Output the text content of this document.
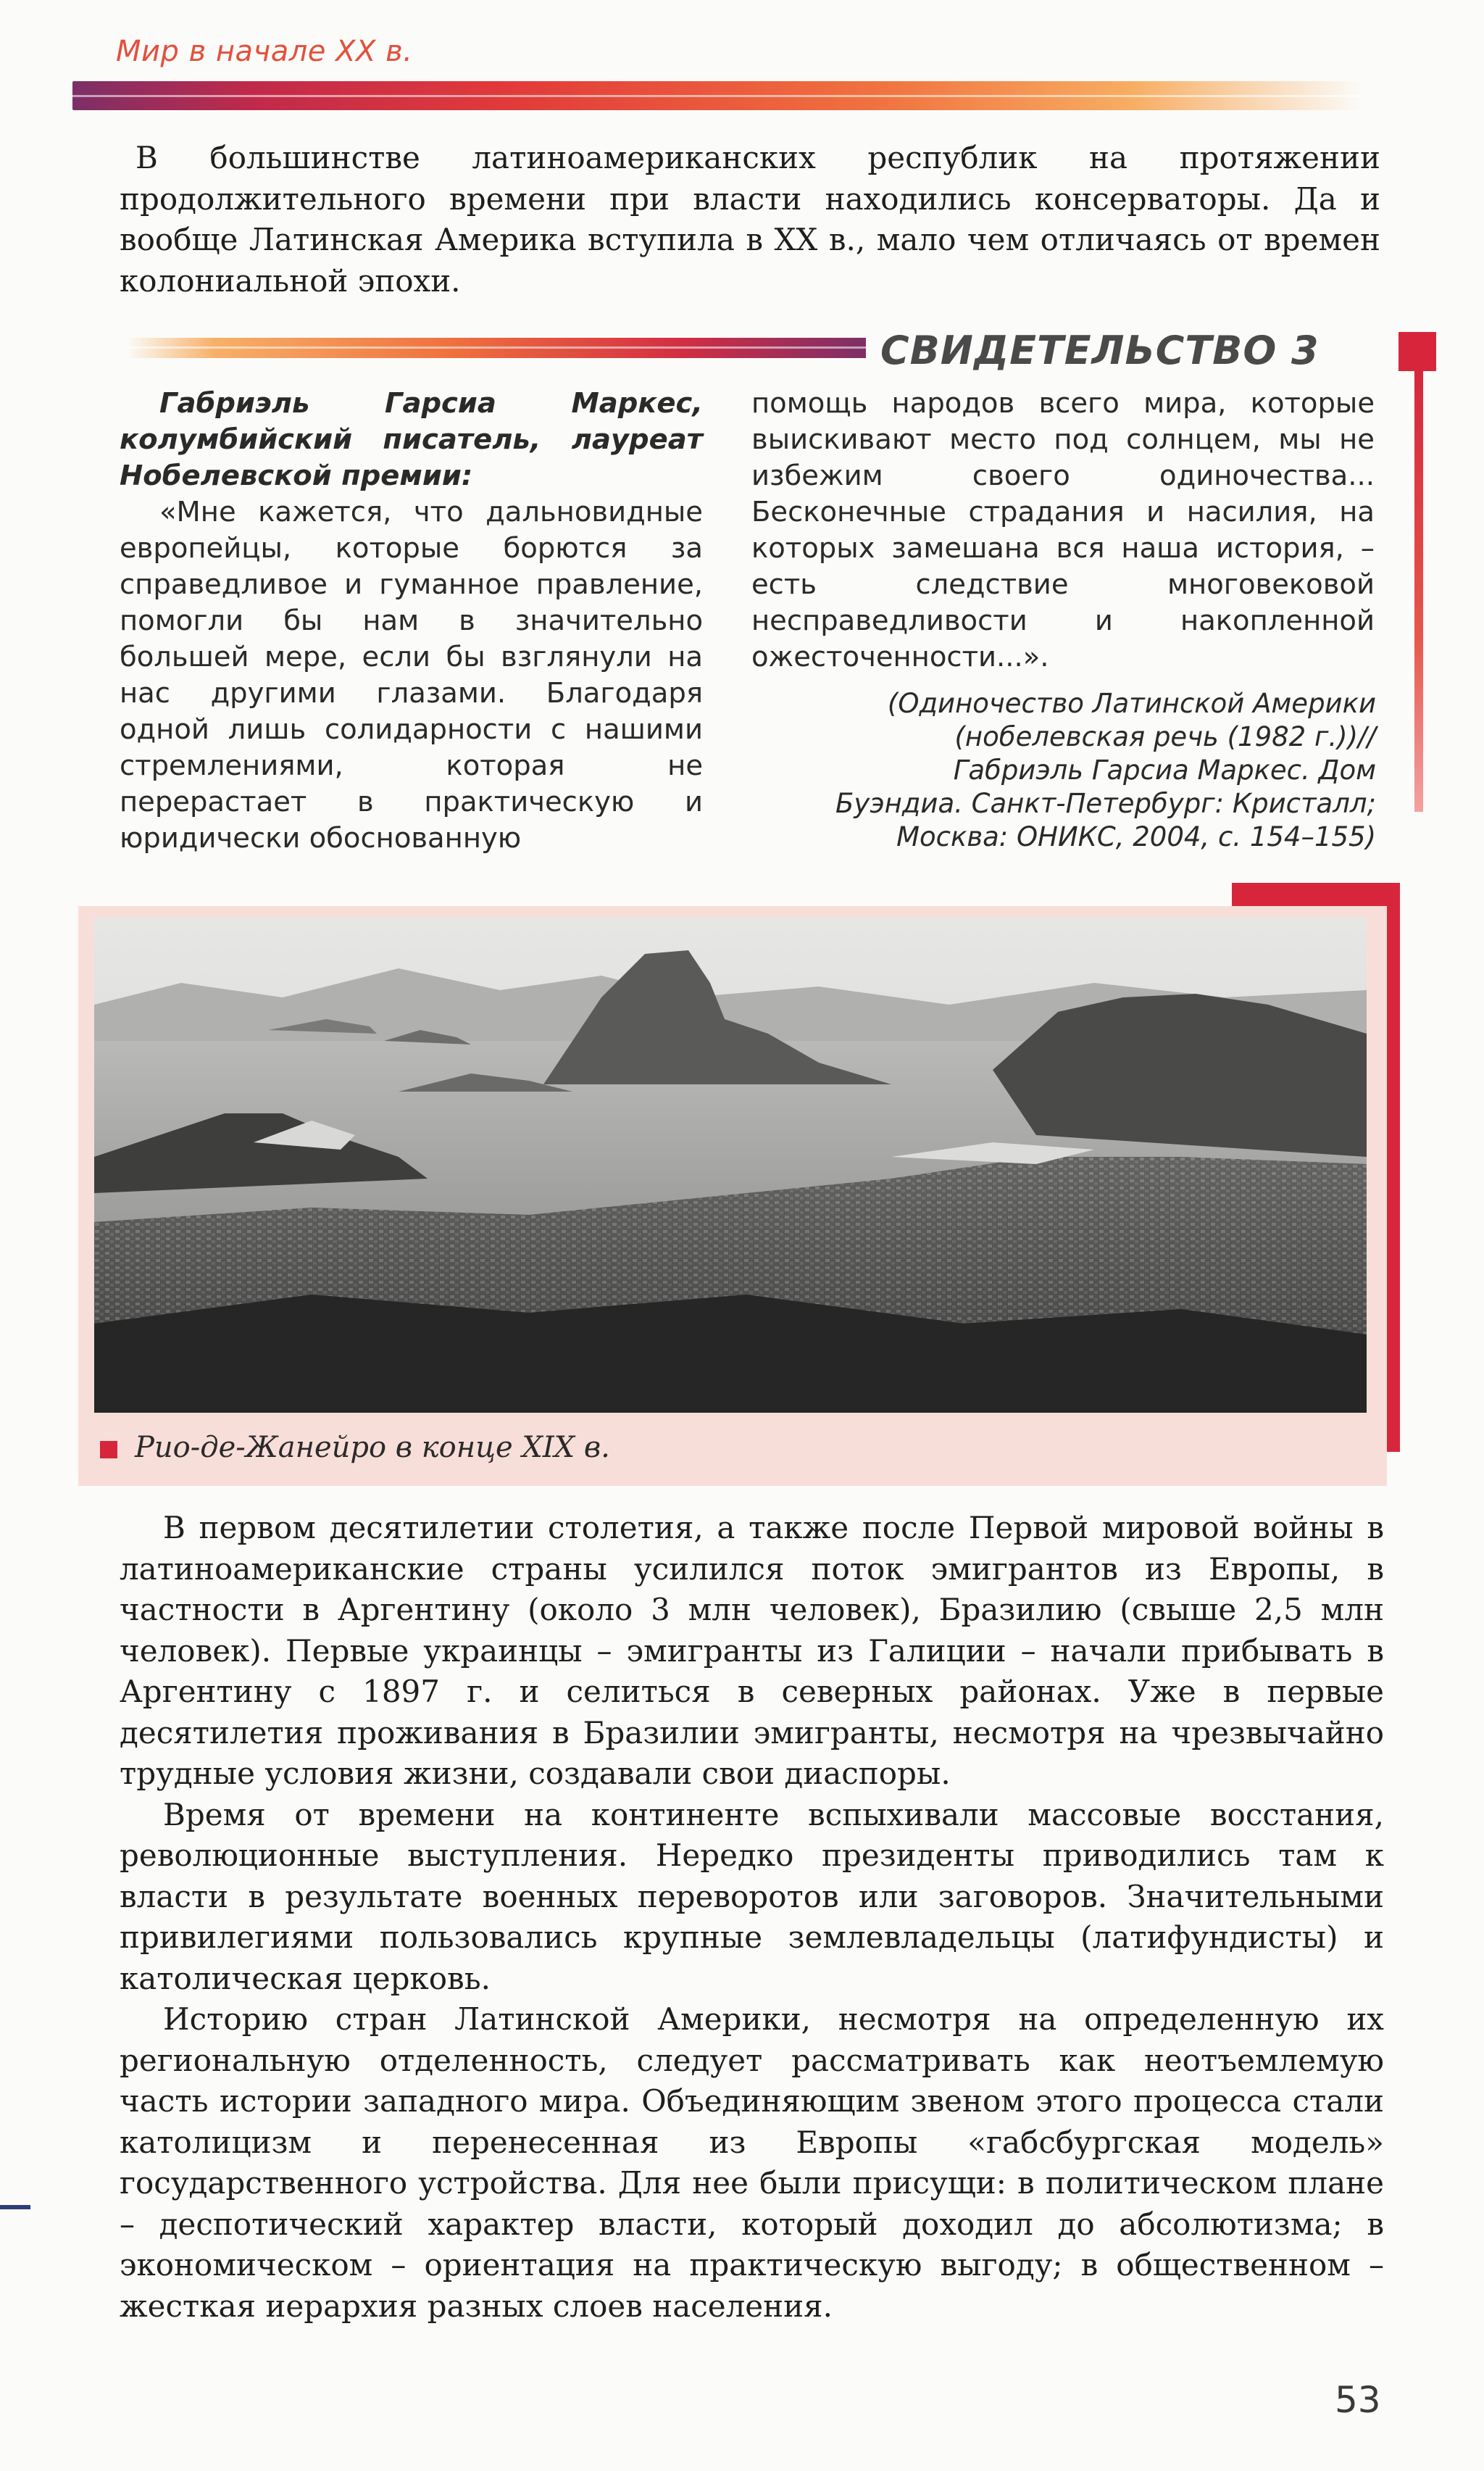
Мир в начале XX в.

В большинстве латиноамериканских республик на протяжении продолжительного времени при власти находились консерваторы. Да и вообще Латинская Америка вступила в XX в., мало чем отличаясь от времен колониальной эпохи.

СВИДЕТЕЛЬСТВО 3

Габриэль Гарсиа Маркес, колумбийский писатель, лауреат Нобелевской премии:

«Мне кажется, что дальновидные европейцы, которые борются за справедливое и гуманное правление, помогли бы нам в значительно большей мере, если бы взглянули на нас другими глазами. Благодаря одной лишь солидарности с нашими стремлениями, которая не перерастает в практическую и юридически обоснованную

помощь народов всего мира, которые выискивают место под солнцем, мы не избежим своего одиночества... Бесконечные страдания и насилия, на которых замешана вся наша история, – есть следствие многовековой несправедливости и накопленной ожесточенности...».

(Одиночество Латинской Америки
(нобелевская речь (1982 г.))//
Габриэль Гарсиа Маркес. Дом
Буэндиа. Санкт-Петербург: Кристалл;
Москва: ОНИКС, 2004, с. 154–155)
Рио-де-Жанейро в конце XIX в.

В первом десятилетии столетия, а также после Первой мировой войны в латиноамериканские страны усилился поток эмигрантов из Европы, в частности в Аргентину (около 3 млн человек), Бразилию (свыше 2,5 млн человек). Первые украинцы – эмигранты из Галиции – начали прибывать в Аргентину с 1897 г. и селиться в северных районах. Уже в первые десятилетия проживания в Бразилии эмигранты, несмотря на чрезвычайно трудные условия жизни, создавали свои диаспоры.

Время от времени на континенте вспыхивали массовые восстания, революционные выступления. Нередко президенты приводились там к власти в результате военных переворотов или заговоров. Значительными привилегиями пользовались крупные землевладельцы (латифундисты) и католическая церковь.

Историю стран Латинской Америки, несмотря на определенную их региональную отделенность, следует рассматривать как неотъемлемую часть истории западного мира. Объединяющим звеном этого процесса стали католицизм и перенесенная из Европы «габсбургская модель» государственного устройства. Для нее были присущи: в политическом плане – деспотический характер власти, который доходил до абсолютизма; в экономическом – ориентация на практическую выгоду; в общественном – жесткая иерархия разных слоев населения.

53
